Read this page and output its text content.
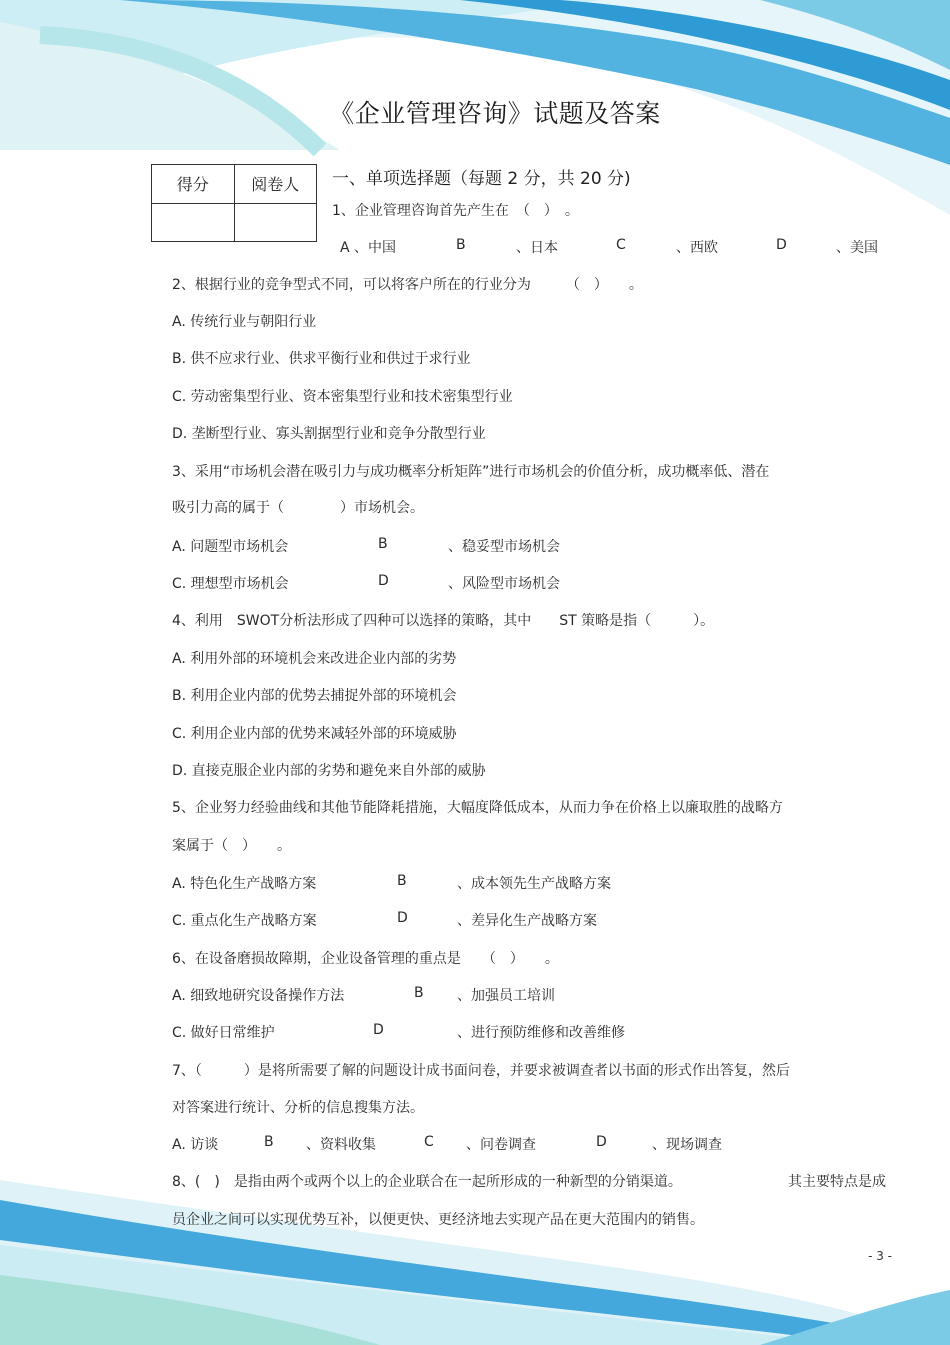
《企业管理咨询》试题及答案
得分	阅卷人
	一、单项选择题（每题 2 分，共 20 分)
1、企业管理咨询首先产生在　（　）　。
A 、中国	B	、日本	C	、西欧	D	、美国
2、根据行业的竞争型式不同，可以将客户所在的行业分为　　　（　）　　。
A. 传统行业与朝阳行业
B. 供不应求行业、供求平衡行业和供过于求行业
C. 劳动密集型行业、资本密集型行业和技术密集型行业
D. 垄断型行业、寡头割据型行业和竞争分散型行业
3、采用“市场机会潜在吸引力与成功概率分析矩阵”进行市场机会的价值分析，成功概率低、潜在
吸引力高的属于（　　　　）市场机会。
A. 问题型市场机会	B	、稳妥型市场机会
C. 理想型市场机会	D	、风险型市场机会
4、利用　SWOT分析法形成了四种可以选择的策略，其中　　ST 策略是指（　　　）。
A. 利用外部的环境机会来改进企业内部的劣势
B. 利用企业内部的优势去捕捉外部的环境机会
C. 利用企业内部的优势来减轻外部的环境威胁
D. 直接克服企业内部的劣势和避免来自外部的威胁
5、企业努力经验曲线和其他节能降耗措施，大幅度降低成本，从而力争在价格上以廉取胜的战略方
案属于（　）　　。
A. 特色化生产战略方案	B	、成本领先生产战略方案
C. 重点化生产战略方案	D	、差异化生产战略方案
6、在设备磨损故障期，企业设备管理的重点是　　（　）　　。
A. 细致地研究设备操作方法	B 、加强员工培训
C. 做好日常维护	D	、进行预防维修和改善维修
7、（　　　）是将所需要了解的问题设计成书面问卷，并要求被调查者以书面的形式作出答复，然后
对答案进行统计、分析的信息搜集方法。
A. 访谈	B 、资料收集	C 、问卷调查	D	、现场调查
8、(　)　是指由两个或两个以上的企业联合在一起所形成的一种新型的分销渠道。	其主要特点是成
员企业之间可以实现优势互补，以便更快、更经济地去实现产品在更大范围内的销售。
- 3 -
